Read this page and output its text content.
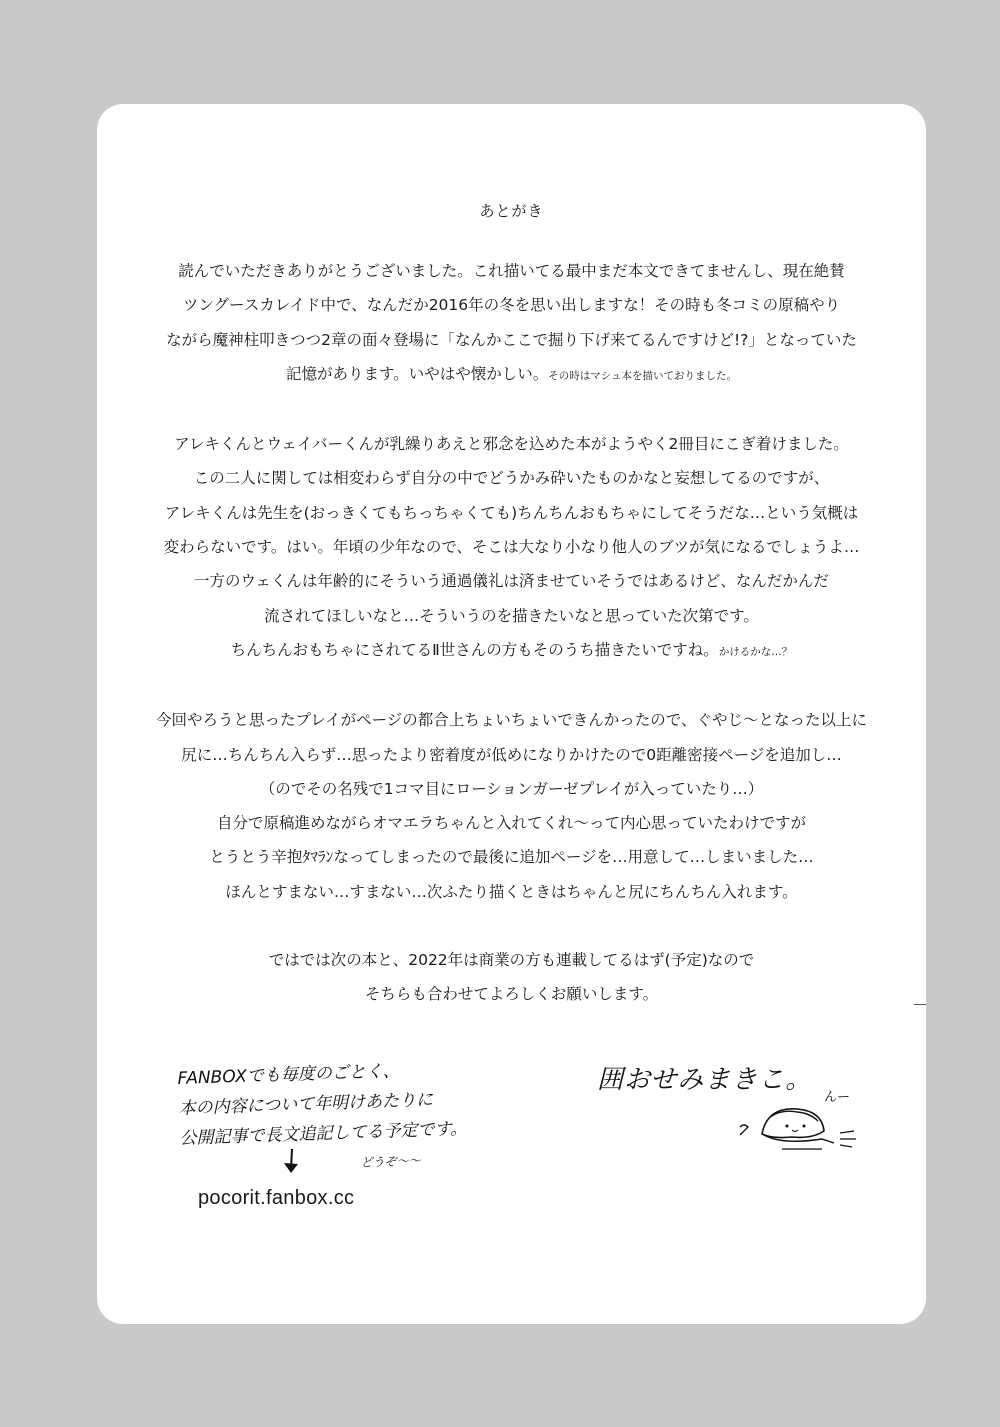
あとがき

読んでいただきありがとうございました。これ描いてる最中まだ本文できてませんし、現在絶賛

ツングースカレイド中で、なんだか2016年の冬を思い出しますな！その時も冬コミの原稿やり

ながら魔神柱叩きつつ2章の面々登場に「なんかここで掘り下げ来てるんですけど!?」となっていた

記憶があります。いやはや懐かしい。その時はマシュ本を描いておりました。

アレキくんとウェイバーくんが乳繰りあえと邪念を込めた本がようやく2冊目にこぎ着けました。

この二人に関しては相変わらず自分の中でどうかみ砕いたものかなと妄想してるのですが、

アレキくんは先生を(おっきくてもちっちゃくても)ちんちんおもちゃにしてそうだな…という気概は

変わらないです。はい。年頃の少年なので、そこは大なり小なり他人のブツが気になるでしょうよ…

一方のウェくんは年齢的にそういう通過儀礼は済ませていそうではあるけど、なんだかんだ

流されてほしいなと…そういうのを描きたいなと思っていた次第です。

ちんちんおもちゃにされてるⅡ世さんの方もそのうち描きたいですね。かけるかな…？

今回やろうと思ったプレイがページの都合上ちょいちょいできんかったので、ぐやじ～となった以上に

尻に…ちんちん入らず…思ったより密着度が低めになりかけたので0距離密接ページを追加し…

（のでその名残で1コマ目にローションガーゼプレイが入っていたり…）

自分で原稿進めながらオマエラちゃんと入れてくれ～って内心思っていたわけですが

とうとう辛抱ﾀﾏﾗﾝなってしまったので最後に追加ページを…用意して…しまいました…

ほんとすまない…すまない…次ふたり描くときはちゃんと尻にちんちん入れます。

ではでは次の本と、2022年は商業の方も連載してるはず(予定)なので

そちらも合わせてよろしくお願いします。

FANBOXでも毎度のごとく、
本の内容について年明けあたりに
公開記事で長文追記してる予定です。
どうぞ～～
pocorit.fanbox.cc
囲おせみまきこ。
んー
